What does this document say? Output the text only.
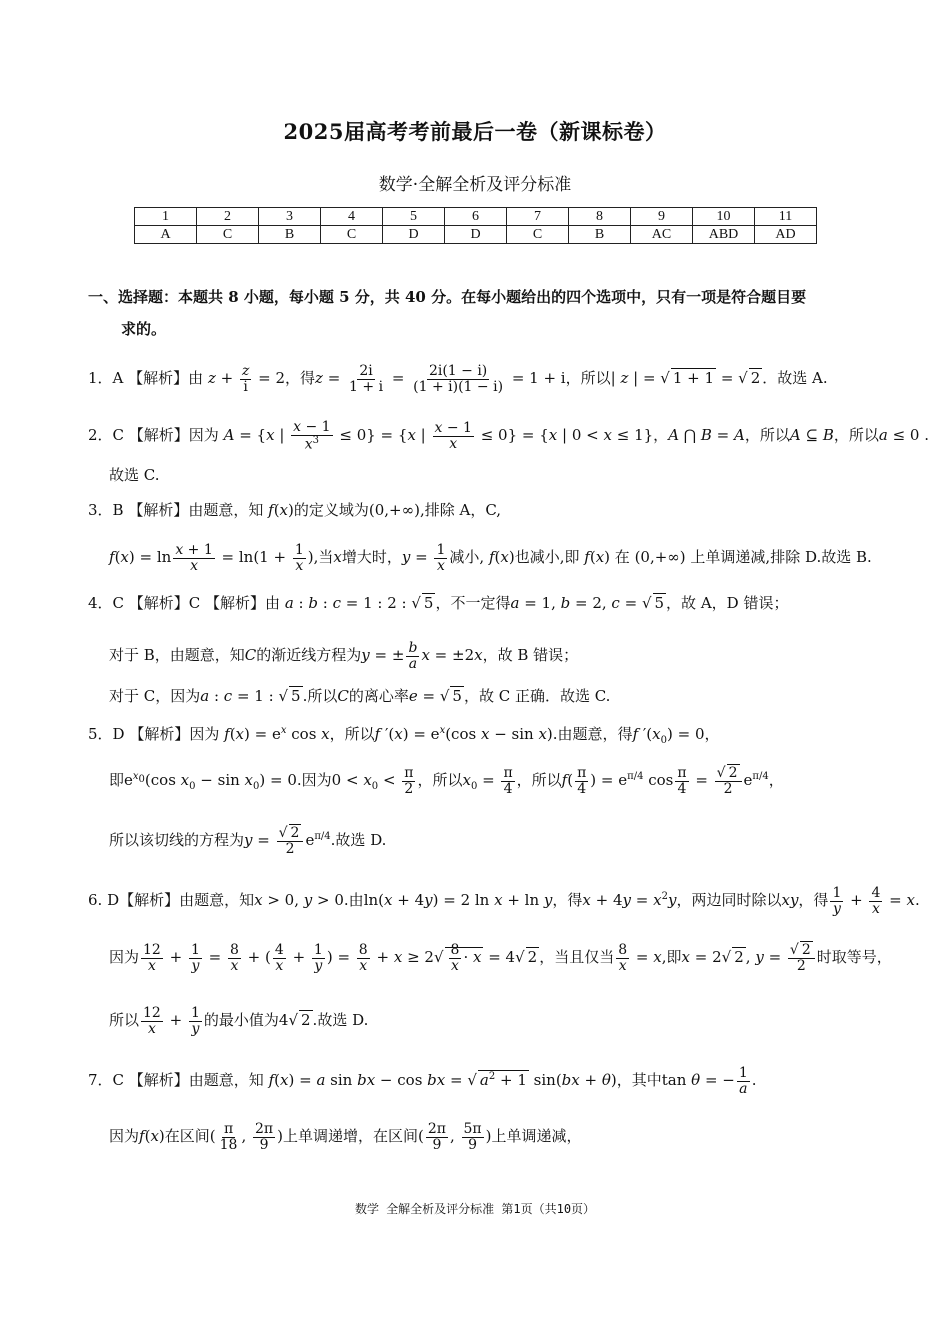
2025届高考考前最后一卷（新课标卷）
数学·全解全析及评分标准
1	2	3	4	5	6	7	8	9	10	11
A	C	B	C	D	D	C	B	AC	ABD	AD
一、选择题：本题共 8 小题，每小题 5 分，共 40 分。在每小题给出的四个选项中，只有一项是符合题目要
求的。
1．A 【解析】由 $z + \frac{z}{i} = 2$，得$z = \frac{2i}{1 + i} = \frac{2i(1 - i)}{(1 + i)(1 - i)} = 1 + i$，所以| z | = √ 1 + 1 = √ 2 ．故选 A.
2．C 【解析】因为 A = {x | $\frac{x - 1}{x^3} \le 0\} = \{x$ | $\frac{x - 1}{x} \le 0\} = \{x$ | 0 < x ≤ 1}，A ⋂ B = A，所以A ⊆ B，所以a ≤ 0 .
故选 C.
3．B 【解析】由题意，知 f(x)的定义域为(0,+∞),排除 A，C,
$f(x) = \ln \frac{x + 1}{x} = \ln(1 + \frac{1}{x}$ ),当x增大时，$y = \frac{1}{x}$ 减小, f(x)也减小,即 f(x) 在 (0,+∞) 上单调递减,排除 D.故选 B.
4．C 【解析】C 【解析】由 a : b : c = 1 : 2 : √ 5 ，不一定得a = 1, b = 2, c = √ 5 ，故 A，D 错误；
对于 B，由题意，知C的渐近线方程为y = ± $\frac{b}{a}$ x = ±2x，故 B 错误；
对于 C，因为a : c = 1 : √ 5 .所以C的离心率e = √ 5 ，故 C 正确．故选 C.
5．D 【解析】因为 $f(x) = e^x$ cos x，所以f $'(x) = e^x(\cos$ x − sin x).由题意，得f $'(x_0) = 0$，
即$e^{x_0}(\cos$ $x_0 - \sin x_0) = 0$.因为$0 < x_0 < \frac{\pi}{2}$ ，所以$x_0 = \frac{\pi}{4}$ ，所以$f( \frac{\pi}{4}$ ) = $e^{\pi/4}$ $\cos \frac{\pi}{4}$ = √ $\frac{2}{2} e^{\pi/4}$，
所以该切线的方程为y = √ $\frac{2}{2} e^{\pi/4}$.故选 D.
6. D【解析】由题意，知x > 0, y > 0.由ln(x + 4y) = 2 ln x + ln y，得$x + 4y = x^2y$，两边同时除以xy，得 $\frac{1}{y} + \frac{4}{x} = x$.
因为 $\frac{12}{x} + \frac{1}{y} = \frac{8}{x}$ + ( $\frac{4}{x} + \frac{1}{y}$ ) = $\frac{8}{x} + x \ge 2$ √ $\frac{8}{x} \cdot x = 4$ √ 2 ，当且仅当 $\frac{8}{x} = x$,即x = 2 √ 2 , y = √ $\frac{2}{2}$ 时取等号，
所以 $\frac{12}{x} + \frac{1}{y}$ 的最小值为4 √ 2 .故选 D.
7．C 【解析】由题意，知 f(x) = a sin bx − cos bx = √ $a^2 + 1$ sin(bx + θ)，其中tan θ = − $\frac{1}{a}$ .
因为f(x)在区间( $\frac{\pi}{18}$ , $\frac{2\pi}{9}$ )上单调递增，在区间( $\frac{2\pi}{9}$ , $\frac{5\pi}{9}$ )上单调递减，
数学 全解全析及评分标准 第1页（共10页）
